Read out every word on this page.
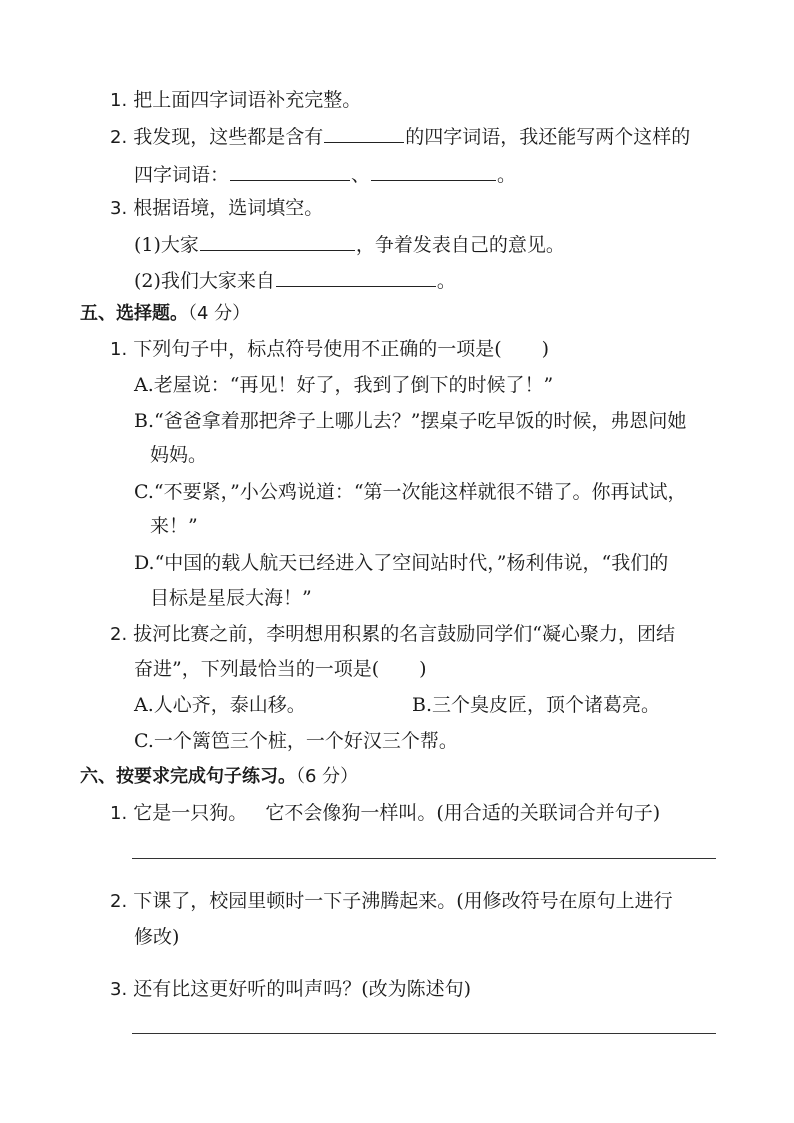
1. 把上面四字词语补充完整。
2. 我发现，这些都是含有	的四字词语，我还能写两个这样的
四字词语：	、	。
3. 根据语境，选词填空。
(1)大家	，争着发表自己的意见。
(2)我们大家来自	。
五、选择题。（4 分）
1. 下列句子中，标点符号使用不正确的一项是( )
A.老屋说：“再见！好了，我到了倒下的时候了！”
B.“爸爸拿着那把斧子上哪儿去？”摆桌子吃早饭的时候，弗恩问她
妈妈。
C.“不要紧，”小公鸡说道：“第一次能这样就很不错了。你再试试，
来！”
D.“中国的载人航天已经进入了空间站时代，”杨利伟说，“我们的
目标是星辰大海！”
2. 拔河比赛之前，李明想用积累的名言鼓励同学们“凝心聚力，团结
奋进”，下列最恰当的一项是( )
A.人心齐，泰山移。	B.三个臭皮匠，顶个诸葛亮。
C.一个篱笆三个桩，一个好汉三个帮。
六、按要求完成句子练习。（6 分）
1. 它是一只狗。   它不会像狗一样叫。(用合适的关联词合并句子)
2. 下课了，校园里顿时一下子沸腾起来。(用修改符号在原句上进行
修改)
3. 还有比这更好听的叫声吗？(改为陈述句)
